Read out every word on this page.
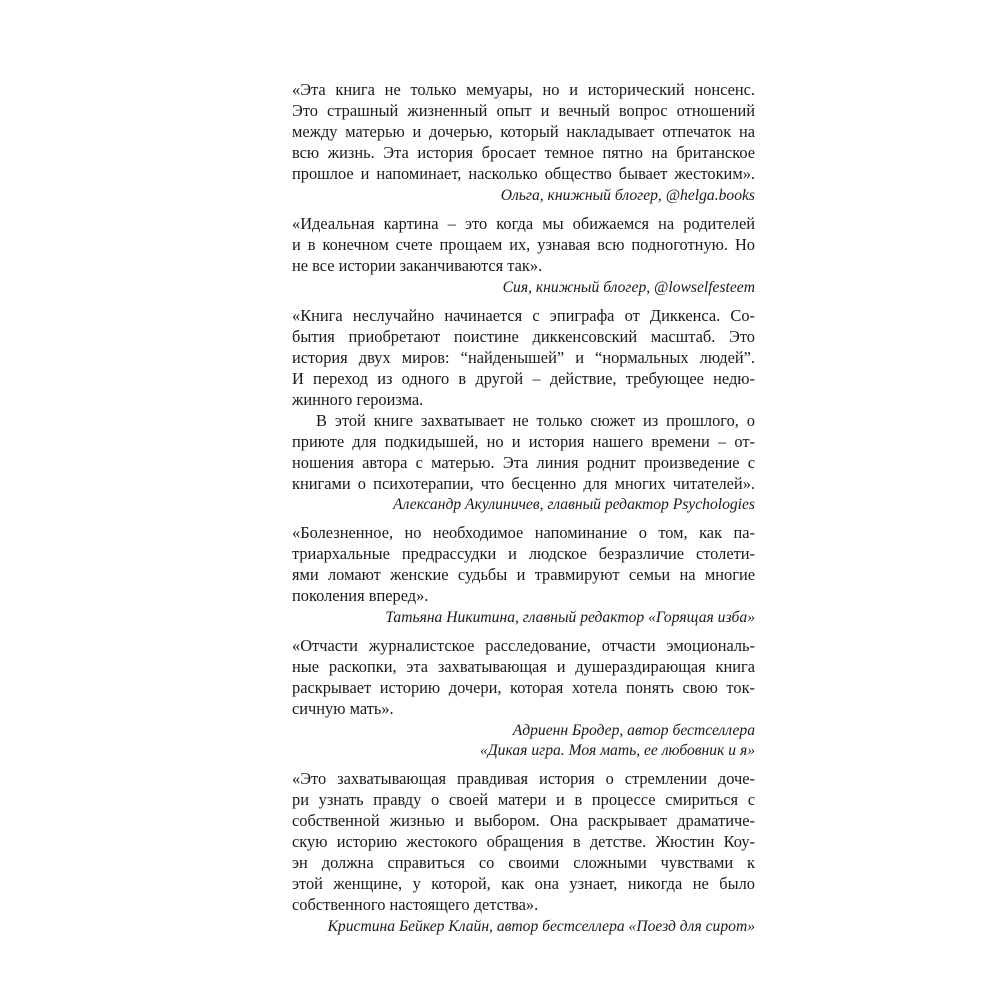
«Эта книга не только мемуары, но и исторический нонсенс.
Это страшный жизненный опыт и вечный вопрос отношений
между матерью и дочерью, который накладывает отпечаток на
всю жизнь. Эта история бросает темное пятно на британское
прошлое и напоминает, насколько общество бывает жестоким».
Ольга, книжный блогер, @helga.books
«Идеальная картина – это когда мы обижаемся на родителей
и в конечном счете прощаем их, узнавая всю подноготную. Но
не все истории заканчиваются так».
Сия, книжный блогер, @lowselfesteem
«Книга неслучайно начинается с эпиграфа от Диккенса. Со-
бытия приобретают поистине диккенсовский масштаб. Это
история двух миров: “найденышей” и “нормальных людей”.
И переход из одного в другой – действие, требующее недю-
жинного героизма.
В этой книге захватывает не только сюжет из прошлого, о
приюте для подкидышей, но и история нашего времени – от-
ношения автора с матерью. Эта линия роднит произведение с
книгами о психотерапии, что бесценно для многих читателей».
Александр Акулиничев, главный редактор Psychologies
«Болезненное, но необходимое напоминание о том, как па-
триархальные предрассудки и людское безразличие столети-
ями ломают женские судьбы и травмируют семьи на многие
поколения вперед».
Татьяна Никитина, главный редактор «Горящая изба»
«Отчасти журналистское расследование, отчасти эмоциональ-
ные раскопки, эта захватывающая и душераздирающая книга
раскрывает историю дочери, которая хотела понять свою ток-
сичную мать».
Адриенн Бродер, автор бестселлера
«Дикая игра. Моя мать, ее любовник и я»
«Это захватывающая правдивая история о стремлении доче-
ри узнать правду о своей матери и в процессе смириться с
собственной жизнью и выбором. Она раскрывает драматиче-
скую историю жестокого обращения в детстве. Жюстин Коу-
эн должна справиться со своими сложными чувствами к
этой женщине, у которой, как она узнает, никогда не было
собственного настоящего детства».
Кристина Бейкер Клайн, автор бестселлера «Поезд для сирот»
